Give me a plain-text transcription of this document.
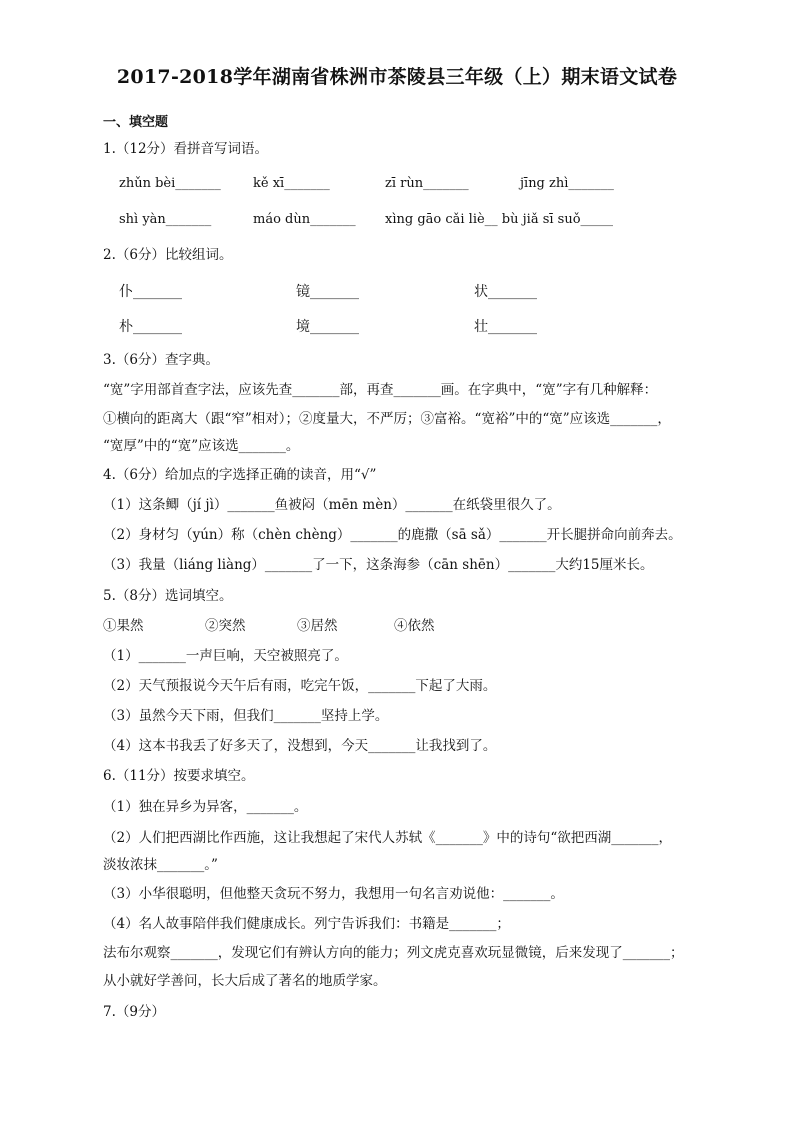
2017-2018学年湖南省株洲市茶陵县三年级（上）期末语文试卷
一、填空题
1.（12分）看拼音写词语。
zhǔn bèi_______ kě xī_______	zī rùn_______	jīng zhì_______
shì yàn_______	máo dùn_______ xìng gāo cǎi liè__ bù jiǎ sī suǒ_____
2.（6分）比较组词。
仆_______	镜_______	状_______
朴_______	境_______	壮_______
3.（6分）查字典。
“宽”字用部首查字法，应该先查_______部，再查_______画。在字典中，“宽”字有几种解释：
①横向的距离大（跟“窄”相对）；②度量大，不严厉；③富裕。“宽裕”中的“宽”应该选_______，
“宽厚”中的“宽”应该选_______。
4.（6分）给加点的字选择正确的读音，用“√”
（1）这条鲫（jí jì）_______鱼被闷（mēn mèn）_______在纸袋里很久了。
（2）身材匀（yún）称（chèn chèng）_______的鹿撒（sā sǎ）_______开长腿拼命向前奔去。
（3）我量（liáng liàng）_______了一下，这条海参（cān shēn）_______大约15厘米长。
5.（8分）选词填空。
①果然	②突然	③居然	④依然
（1）_______一声巨响，天空被照亮了。
（2）天气预报说今天午后有雨，吃完午饭，_______下起了大雨。
（3）虽然今天下雨，但我们_______坚持上学。
（4）这本书我丢了好多天了，没想到，今天_______让我找到了。
6.（11分）按要求填空。
（1）独在异乡为异客，_______。
（2）人们把西湖比作西施，这让我想起了宋代人苏轼《_______》中的诗句“欲把西湖_______，
淡妆浓抹_______。”
（3）小华很聪明，但他整天贪玩不努力，我想用一句名言劝说他：_______。
（4）名人故事陪伴我们健康成长。列宁告诉我们：书籍是_______；
法布尔观察_______，发现它们有辨认方向的能力；列文虎克喜欢玩显微镜，后来发现了_______；
从小就好学善问，长大后成了著名的地质学家。
7.（9分）
